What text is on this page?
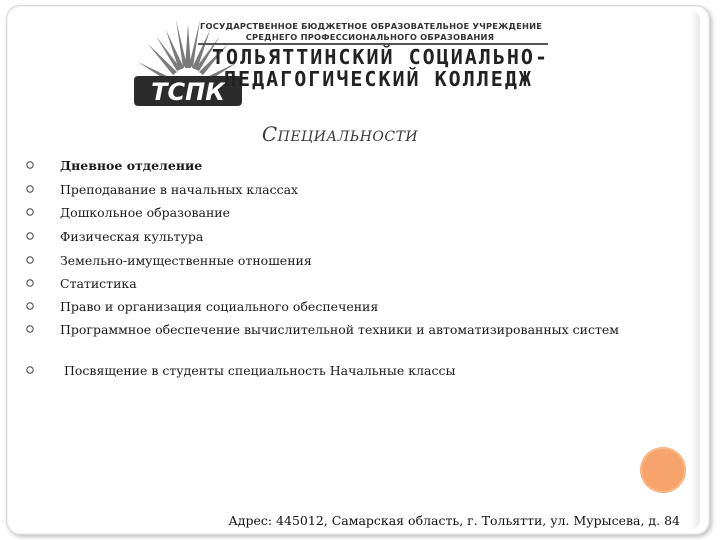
ТСПК
ГОСУДАРСТВЕННОЕ БЮДЖЕТНОЕ ОБРАЗОВАТЕЛЬНОЕ УЧРЕЖДЕНИЕ
СРЕДНЕГО ПРОФЕССИОНАЛЬНОГО ОБРАЗОВАНИЯ
ТОЛЬЯТТИНСКИЙ СОЦИАЛЬНО-
ПЕДАГОГИЧЕСКИЙ КОЛЛЕДЖ
Специальности
Дневное отделение
Преподавание в начальных классах
Дошкольное образование
Физическая культура
Земельно-имущественные отношения
Статистика
Право и организация социального обеспечения
Программное обеспечение вычислительной техники и автоматизированных систем
Посвящение в студенты специальность Начальные классы
Адрес: 445012, Самарская область, г. Тольятти, ул. Мурысева, д. 84
